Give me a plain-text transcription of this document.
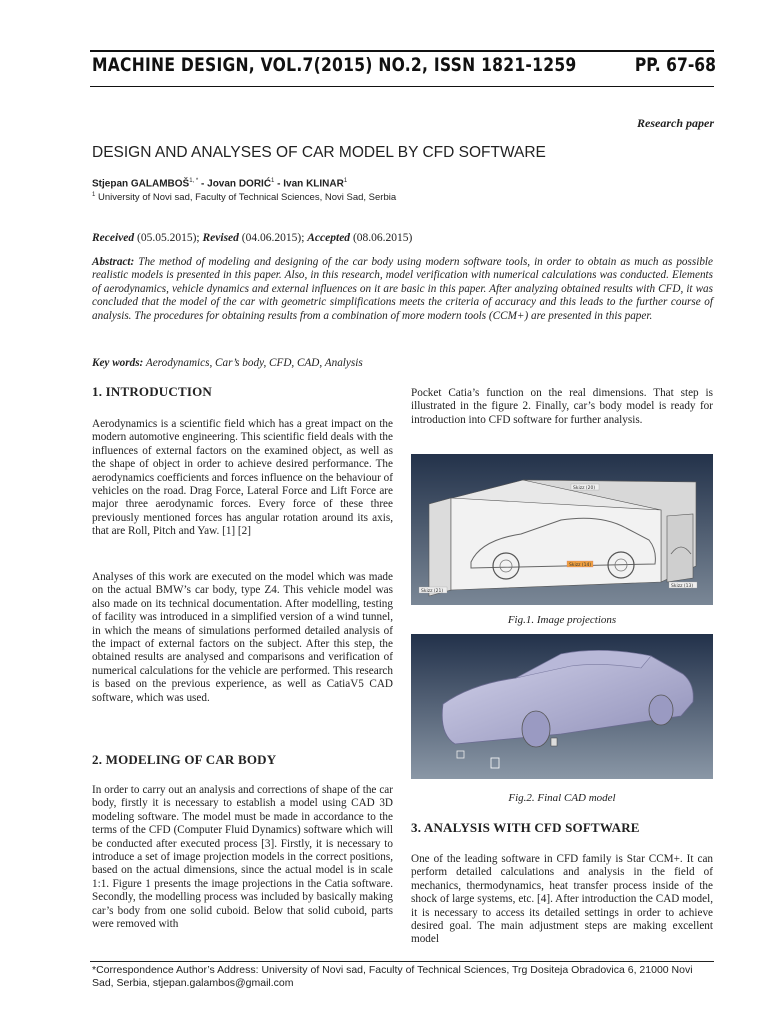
MACHINE DESIGN, VOL.7(2015) NO.2, ISSN 1821-1259	PP. 67-68
Research paper
DESIGN AND ANALYSES OF CAR MODEL BY CFD SOFTWARE
Stjepan $GALAMBOŠ^{1, *}$ - Jovan DORIĆ$^1$ - Ivan KLINAR$^1$
$^1$ University of Novi sad, Faculty of Technical Sciences, Novi Sad, Serbia
Received (05.05.2015); Revised (04.06.2015); Accepted (08.06.2015)
Abstract: The method of modeling and designing of the car body using modern software tools, in order to obtain as much as possible realistic models is presented in this paper. Also, in this research, model verification with numerical calculations was conducted. Elements of aerodynamics, vehicle dynamics and external influences on it are basic in this paper. After analyzing obtained results with CFD, it was concluded that the model of the car with geometric simplifications meets the criteria of accuracy and this leads to the further course of analysis. The procedures for obtaining results from a combination of more modern tools (CCM+) are presented in this paper.
Key words: Aerodynamics, Car’s body, CFD, CAD, Analysis
1. INTRODUCTION
Aerodynamics is a scientific field which has a great impact on the modern automotive engineering. This scientific field deals with the influences of external factors on the examined object, as well as the shape of object in order to achieve desired performance. The aerodynamics coefficients and forces influence on the behaviour of vehicles on the road. Drag Force, Lateral Force and Lift Force are major three aerodynamic forces. Every force of these three previously mentioned forces has angular rotation around its axis, that are Roll, Pitch and Yaw. [1] [2]
Analyses of this work are executed on the model which was made on the actual BMW’s car body, type Z4. This vehicle model was also made on its technical documentation. After modelling, testing of facility was introduced in a simplified version of a wind tunnel, in which the means of simulations performed detailed analysis of the impact of external factors on the subject. After this step, the obtained results are analysed and comparisons and verification of numerical calculations for the vehicle are performed. This research is based on the previous experience, as well as CatiaV5 CAD software, which was used.
2. MODELING OF CAR BODY
In order to carry out an analysis and corrections of shape of the car body, firstly it is necessary to establish a model using CAD 3D modeling software. The model must be made in accordance to the terms of the CFD (Computer Fluid Dynamics) software which will be conducted after executed process [3]. Firstly, it is necessary to introduce a set of image projection models in the correct positions, based on the actual dimensions, since the actual model is in scale 1:1. Figure 1 presents the image projections in the Catia software. Secondly, the modelling process was included by basically making car’s body from one solid cuboid. Below that solid cuboid, parts were removed with
Pocket Catia’s function on the real dimensions. That step is illustrated in the figure 2. Finally, car’s body model is ready for introduction into CFD software for further analysis.
Skizz (20)
Skizz (21)
Skizz (14)
Skizz (13)
Fig.1. Image projections
Fig.2. Final CAD model
3. ANALYSIS WITH CFD SOFTWARE
One of the leading software in CFD family is Star CCM+. It can perform detailed calculations and analysis in the field of mechanics, thermodynamics, heat transfer process inside of the shock of large systems, etc. [4]. After introduction the CAD model, it is necessary to access its detailed settings in order to achieve desired goal. The main adjustment steps are making excellent model
*Correspondence Author’s Address: University of Novi sad, Faculty of Technical Sciences, Trg Dositeja Obradovica 6, 21000 Novi Sad, Serbia, stjepan.galambos@gmail.com
